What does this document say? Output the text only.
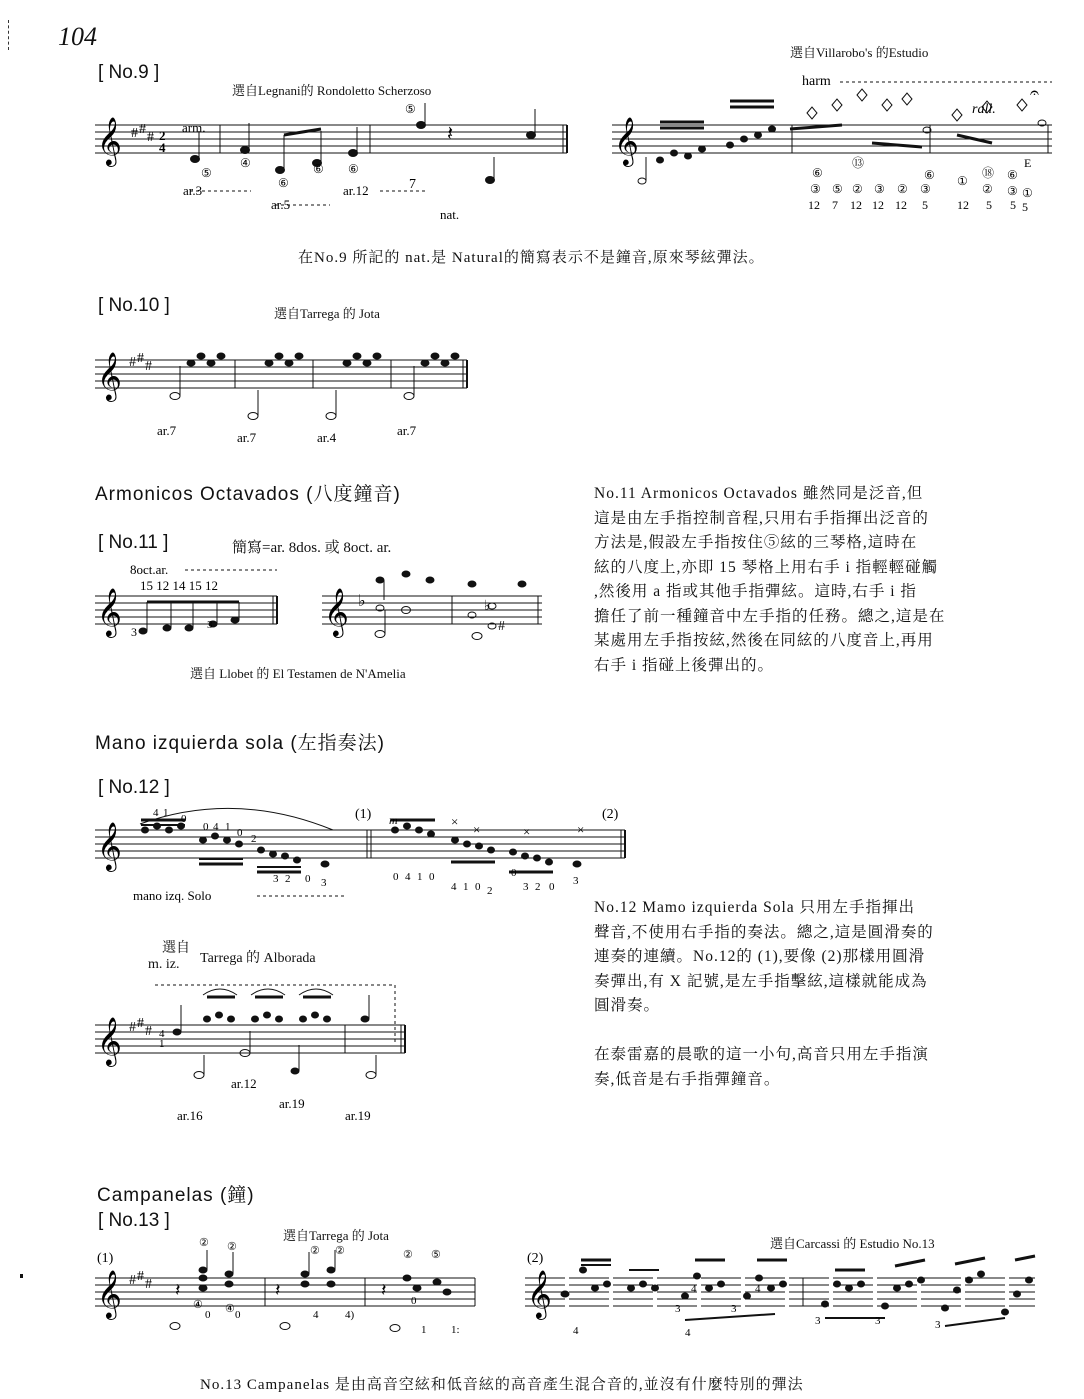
104
[ No.9 ]
選自Legnani的 Rondoletto Scherzoso
選自Villarobo's 的Estudio
𝄞 # #
# 2
4
𝄽
arm.
ar.3
ar.5
ar.12	7
nat.
⑤
④
⑥
⑥ ⑥
⑤
𝄞
harm
rall.
𝄐
⑥
⑬
③ ⑤ ② ③ ② ③
12 7 12 12 12 5
⑥ ①
⑱
②
⑥
③
12 5 5
E
①
5
在No.9 所記的 nat.是 Natural的簡寫表示不是鐘音,原來琴絃彈法。
[ No.10 ]	選自Tarrega 的 Jota
𝄞 # #
#
ar.7	ar.7	ar.4	ar.7
Armonicos Octavados (八度鐘音)
[ No.11 ]	簡寫=ar. 8dos. 或 8oct. ar.
8oct.ar.
15 12 14 15 12
𝄞 3	3	𝄞 ♭	♭
#
選自 Llobet 的 El Testamen de N'Amelia

No.11 Armonicos Octavados 雖然同是泛音,但

這是由左手指控制音程,只用右手指揮出泛音的

方法是,假設左手指按住⑤絃的三琴格,這時在

絃的八度上,亦即 15 琴格上用右手 i 指輕輕碰觸

,然後用 a 指或其他手指彈絃。這時,右手 i 指

擔任了前一種鐘音中左手指的任務。總之,這是在

某處用左手指按絃,然後在同絃的八度音上,再用

右手 i 指碰上後彈出的。

Mano izquierda sola (左指奏法)
[ No.12 ]
𝄞
4 1 0
0 4 1 0 2
3 2 0 3	0 4 1 0
4 1 0 2
0
3 2 0 3
×
×	×	×
m
(1)	(2)
mano izq. Solo
選自
Tarrega 的 Alborada
m. iz.
𝄞 # #
# 4
1
ar.12
ar.16
ar.19
ar.19

No.12 Mamo izquierda Sola 只用左手指揮出

聲音,不使用右手指的奏法。總之,這是圓滑奏的

連奏的連續。No.12的 (1),要像 (2)那樣用圓滑

奏彈出,有 X 記號,是左手指擊絃,這樣就能成為

圓滑奏。

在泰雷嘉的晨歌的這一小句,高音只用左手指演

奏,低音是右手指彈鐘音。

Campanelas (鐘)
[ No.13 ]
選自Tarrega 的 Jota
選自Carcassi 的 Estudio No.13
(1)
𝄞 # #
# 𝄽	𝄽	𝄽
② ②	② ②	② ⑤
④
0 ④ 0	4 4)
0
1 1:
(2)
𝄞
4	4
4	4
3	3
3	3	3
No.13 Campanelas 是由高音空絃和低音絃的高音產生混合音的,並沒有什麼特別的彈法
